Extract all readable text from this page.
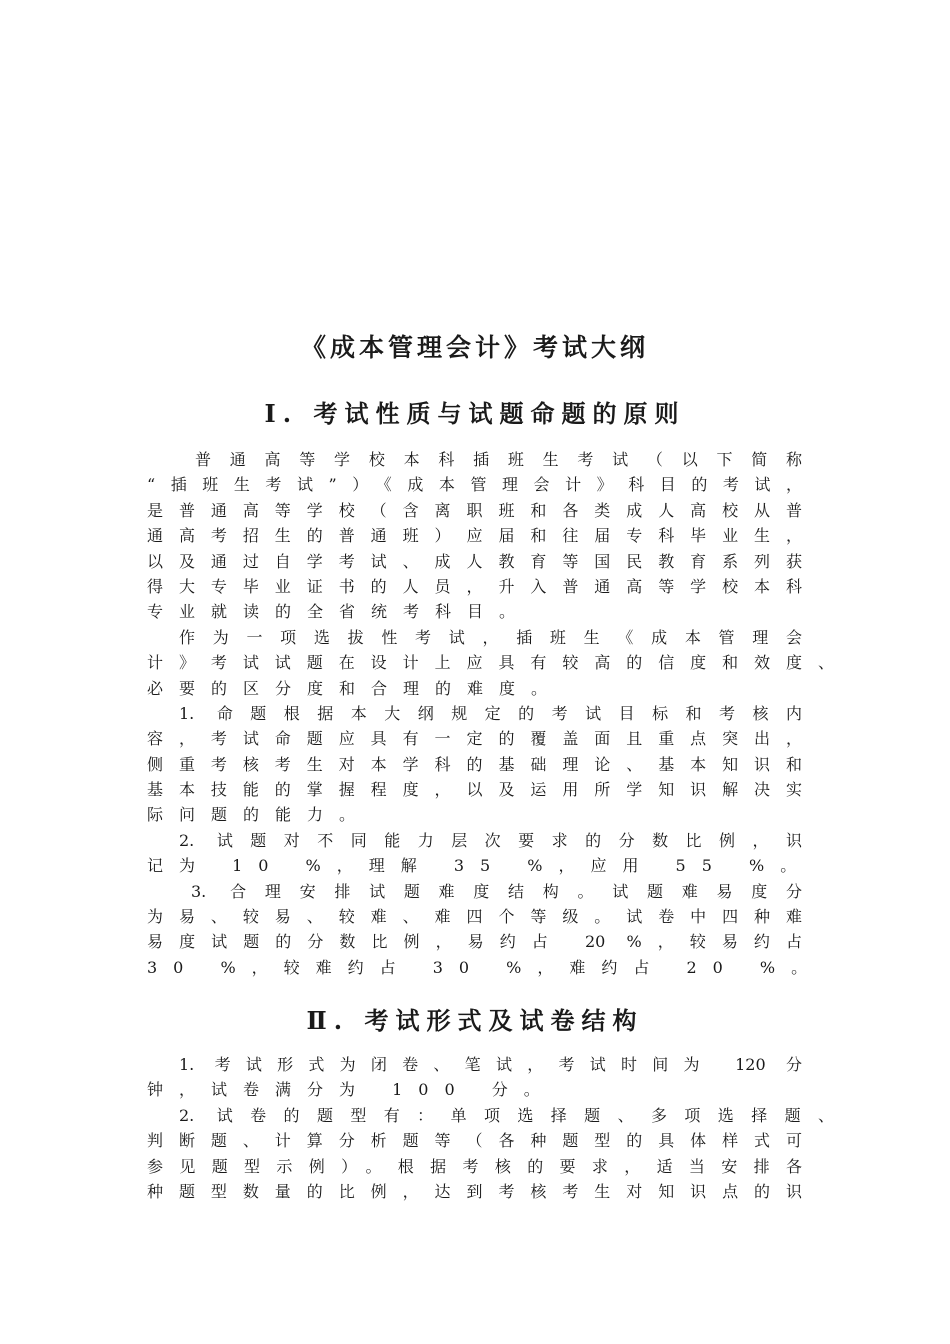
《成本管理会计》考试大纲
Ⅰ. 考试性质与试题命题的原则
普通高等学校本科插班生考试（以下简称
“插班生考试”）《成本管理会计》科目的考试，
是普通高等学校（含离职班和各类成人高校从普
通高考招生的普通班）应届和往届专科毕业生，
以及通过自学考试、成人教育等国民教育系列获
得大专毕业证书的人员，升入普通高等学校本科
专业就读的全省统考科目。
作为一项选拔性考试，插班生《成本管理会
计》考试试题在设计上应具有较高的信度和效度、
必要的区分度和合理的难度。
1. 命题根据本大纲规定的考试目标和考核内
容，考试命题应具有一定的覆盖面且重点突出，
侧重考核考生对本学科的基础理论、基本知识和
基本技能的掌握程度，以及运用所学知识解决实
际问题的能力。
2. 试题对不同能力层次要求的分数比例，识
记为 10 %，理解 35 %，应用 55 %。
3. 合理安排试题难度结构。试题难易度分
为易、较易、较难、难四个等级。试卷中四种难
易度试题的分数比例，易约占 20 %，较易约占
30 %，较难约占 30 %，难约占 20 %。
Ⅱ. 考试形式及试卷结构
1. 考试形式为闭卷、笔试，考试时间为 120 分
钟，试卷满分为 100 分。
2. 试卷的题型有：单项选择题、多项选择题、
判断题、计算分析题等（各种题型的具体样式可
参见题型示例）。根据考核的要求，适当安排各
种题型数量的比例，达到考核考生对知识点的识
